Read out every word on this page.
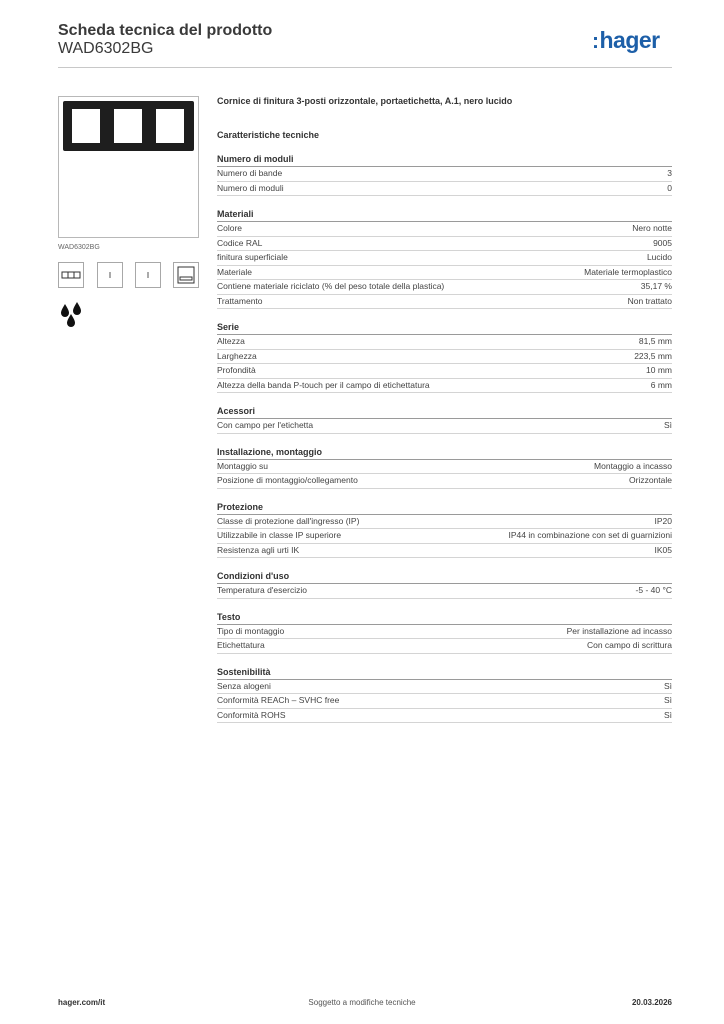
Scheda tecnica del prodotto
WAD6302BG	:hager
WAD6302BG
Cornice di finitura 3-posti orizzontale, portaetichetta, A.1, nero lucido
Caratteristiche tecniche
Numero di moduli
Numero di bande	3
Numero di moduli	0
Materiali
Colore	Nero notte
Codice RAL	9005
finitura superficiale	Lucido
Materiale	Materiale termoplastico
Contiene materiale riciclato (% del peso totale della plastica)	35,17 %
Trattamento	Non trattato
Serie
Altezza	81,5 mm
Larghezza	223,5 mm
Profondità	10 mm
Altezza della banda P-touch per il campo di etichettatura	6 mm
Acessori
Con campo per l'etichetta	Sì
Installazione, montaggio
Montaggio su	Montaggio a incasso
Posizione di montaggio/collegamento	Orizzontale
Protezione
Classe di protezione dall'ingresso (IP)	IP20
Utilizzabile in classe IP superiore	IP44 in combinazione con set di guarnizioni
Resistenza agli urti IK	IK05
Condizioni d'uso
Temperatura d'esercizio	-5 - 40 °C
Testo
Tipo di montaggio	Per installazione ad incasso
Etichettatura	Con campo di scrittura
Sostenibilità
Senza alogeni	Sì
Conformità REACh – SVHC free	Sì
Conformità ROHS	Sì
hager.com/it	Soggetto a modifiche tecniche	20.03.2026
